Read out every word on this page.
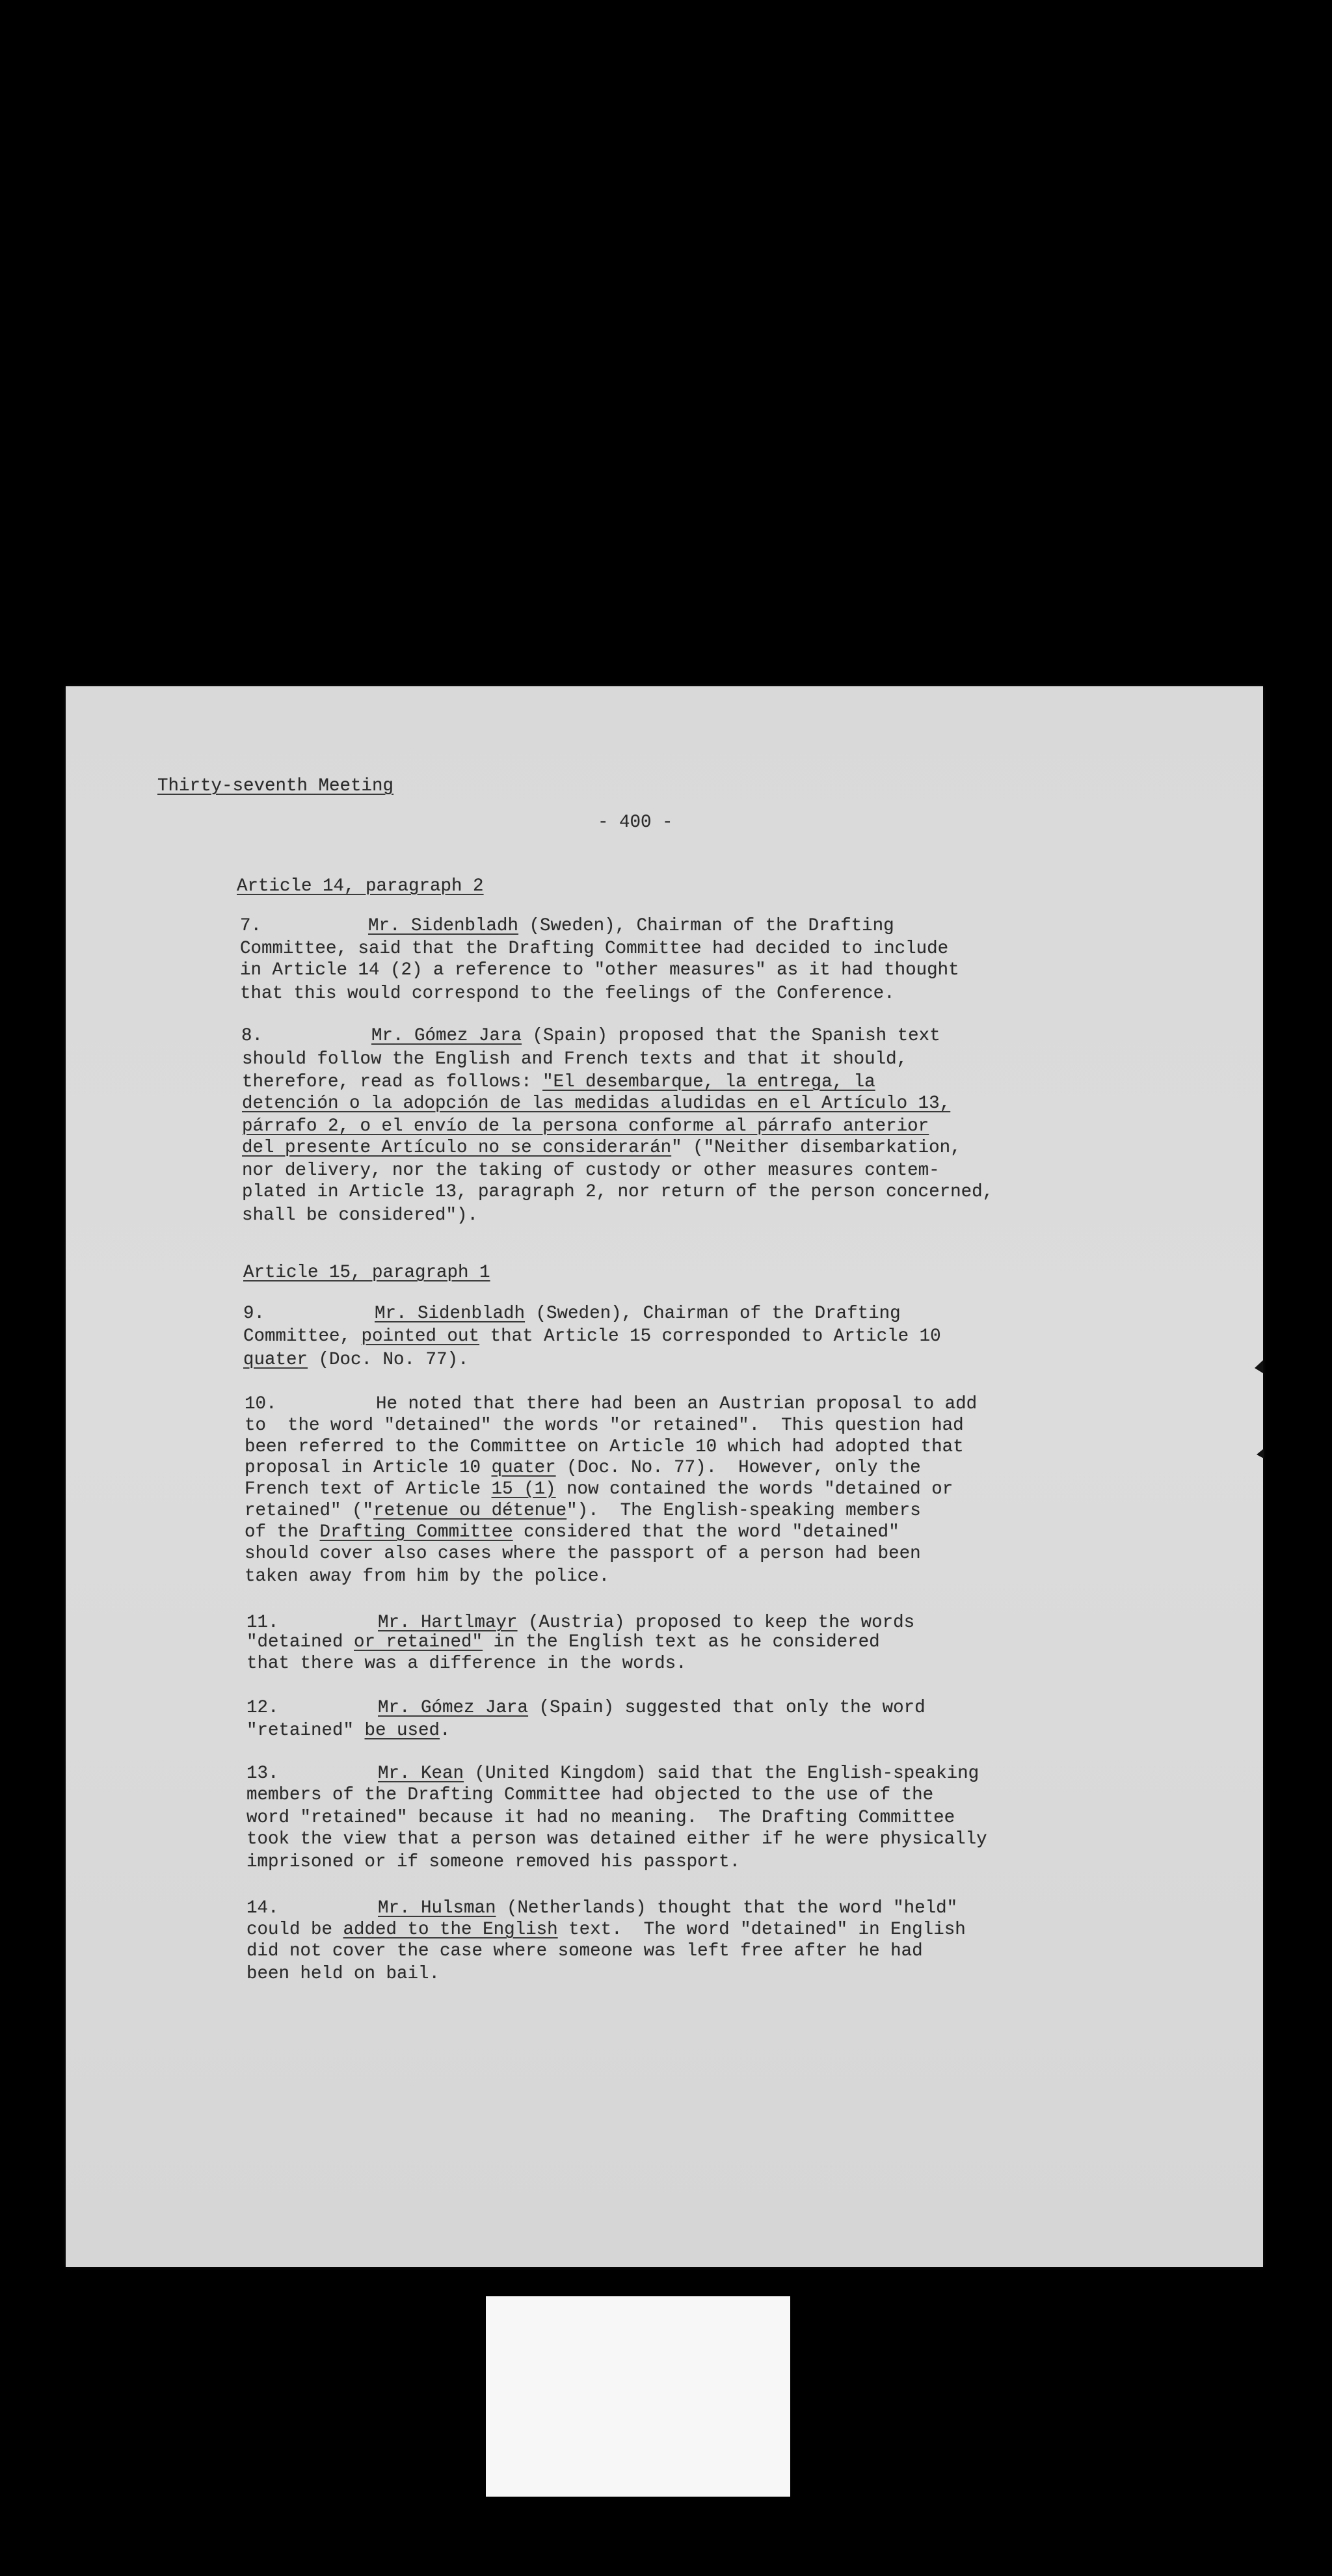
Thirty-seventh Meeting
- 400 -
Article 14, paragraph 2
7.	Mr. Sidenbladh (Sweden), Chairman of the Drafting
Committee, said that the Drafting Committee had decided to include
in Article 14 (2) a reference to "other measures" as it had thought
that this would correspond to the feelings of the Conference.
8.	Mr. Gómez Jara (Spain) proposed that the Spanish text
should follow the English and French texts and that it should,
therefore, read as follows: "El desembarque, la entrega, la
detención o la adopción de las medidas aludidas en el Artículo 13,
párrafo 2, o el envío de la persona conforme al párrafo anterior
del presente Artículo no se considerarán" ("Neither disembarkation,
nor delivery, nor the taking of custody or other measures contem-
plated in Article 13, paragraph 2, nor return of the person concerned,
shall be considered").
Article 15, paragraph 1
9.	Mr. Sidenbladh (Sweden), Chairman of the Drafting
Committee, pointed out that Article 15 corresponded to Article 10
quater (Doc. No. 77).
10.	He noted that there had been an Austrian proposal to add
to  the word "detained" the words "or retained".  This question had
been referred to the Committee on Article 10 which had adopted that
proposal in Article 10 quater (Doc. No. 77).  However, only the
French text of Article 15 (1) now contained the words "detained or
retained" ("retenue ou détenue").  The English-speaking members
of the Drafting Committee considered that the word "detained"
should cover also cases where the passport of a person had been
taken away from him by the police.
11.	Mr. Hartlmayr (Austria) proposed to keep the words
"detained or retained" in the English text as he considered
that there was a difference in the words.
12.	Mr. Gómez Jara (Spain) suggested that only the word
"retained" be used.
13.	Mr. Kean (United Kingdom) said that the English-speaking
members of the Drafting Committee had objected to the use of the
word "retained" because it had no meaning.  The Drafting Committee
took the view that a person was detained either if he were physically
imprisoned or if someone removed his passport.
14.	Mr. Hulsman (Netherlands) thought that the word "held"
could be added to the English text.  The word "detained" in English
did not cover the case where someone was left free after he had
been held on bail.
